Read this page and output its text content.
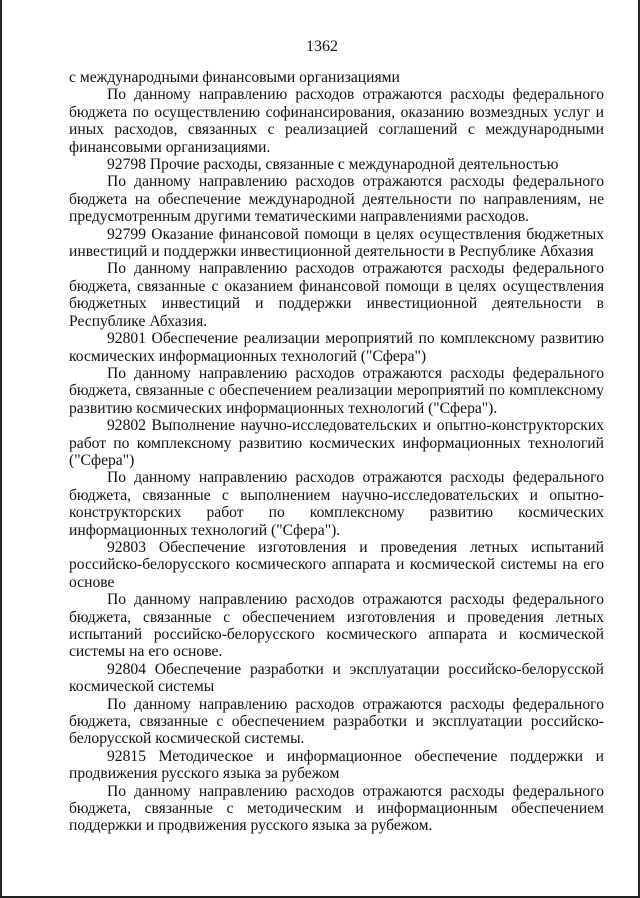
1362

с международными финансовыми организациями

По данному направлению расходов отражаются расходы федерального бюджета по осуществлению софинансирования, оказанию возмездных услуг и иных расходов, связанных с реализацией соглашений с международными финансовыми организациями.

92798 Прочие расходы, связанные с международной деятельностью

По данному направлению расходов отражаются расходы федерального бюджета на обеспечение международной деятельности по направлениям, не предусмотренным другими тематическими направлениями расходов.

92799 Оказание финансовой помощи в целях осуществления бюджетных инвестиций и поддержки инвестиционной деятельности в Республике Абхазия

По данному направлению расходов отражаются расходы федерального бюджета, связанные с оказанием финансовой помощи в целях осуществления бюджетных инвестиций и поддержки инвестиционной деятельности в Республике Абхазия.

92801 Обеспечение реализации мероприятий по комплексному развитию космических информационных технологий ("Сфера")

По данному направлению расходов отражаются расходы федерального бюджета, связанные с обеспечением реализации мероприятий по комплексному развитию космических информационных технологий ("Сфера").

92802 Выполнение научно-исследовательских и опытно-конструкторских работ по комплексному развитию космических информационных технологий ("Сфера")

По данному направлению расходов отражаются расходы федерального бюджета, связанные с выполнением научно-исследовательских и опытно-конструкторских работ по комплексному развитию космических информационных технологий ("Сфера").

92803 Обеспечение изготовления и проведения летных испытаний российско-белорусского космического аппарата и космической системы на его основе

По данному направлению расходов отражаются расходы федерального бюджета, связанные с обеспечением изготовления и проведения летных испытаний российско-белорусского космического аппарата и космической системы на его основе.

92804 Обеспечение разработки и эксплуатации российско-белорусской космической системы

По данному направлению расходов отражаются расходы федерального бюджета, связанные с обеспечением разработки и эксплуатации российско-белорусской космической системы.

92815 Методическое и информационное обеспечение поддержки и продвижения русского языка за рубежом

По данному направлению расходов отражаются расходы федерального бюджета, связанные с методическим и информационным обеспечением поддержки и продвижения русского языка за рубежом.
